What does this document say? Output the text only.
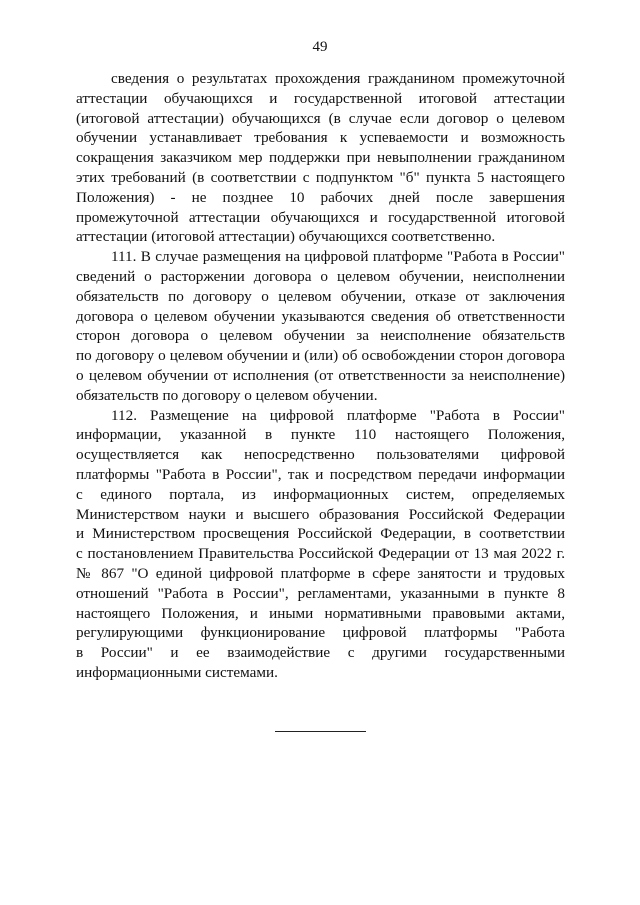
49
сведения о результатах прохождения гражданином промежуточной
аттестации обучающихся и государственной итоговой аттестации
(итоговой аттестации) обучающихся (в случае если договор о целевом
обучении устанавливает требования к успеваемости и возможность
сокращения заказчиком мер поддержки при невыполнении гражданином
этих требований (в соответствии с подпунктом "б" пункта 5 настоящего
Положения) - не позднее 10 рабочих дней после завершения
промежуточной аттестации обучающихся и государственной итоговой
аттестации (итоговой аттестации) обучающихся соответственно.
111. В случае размещения на цифровой платформе "Работа в России"
сведений о расторжении договора о целевом обучении, неисполнении
обязательств по договору о целевом обучении, отказе от заключения
договора о целевом обучении указываются сведения об ответственности
сторон договора о целевом обучении за неисполнение обязательств
по договору о целевом обучении и (или) об освобождении сторон договора
о целевом обучении от исполнения (от ответственности за неисполнение)
обязательств по договору о целевом обучении.
112. Размещение на цифровой платформе "Работа в России"
информации, указанной в пункте 110 настоящего Положения,
осуществляется как непосредственно пользователями цифровой
платформы "Работа в России", так и посредством передачи информации
с единого портала, из информационных систем, определяемых
Министерством науки и высшего образования Российской Федерации
и Министерством просвещения Российской Федерации, в соответствии
с постановлением Правительства Российской Федерации от 13 мая 2022 г.
№ 867 "О единой цифровой платформе в сфере занятости и трудовых
отношений "Работа в России", регламентами, указанными в пункте 8
настоящего Положения, и иными нормативными правовыми актами,
регулирующими функционирование цифровой платформы "Работа
в России" и ее взаимодействие с другими государственными
информационными системами.
